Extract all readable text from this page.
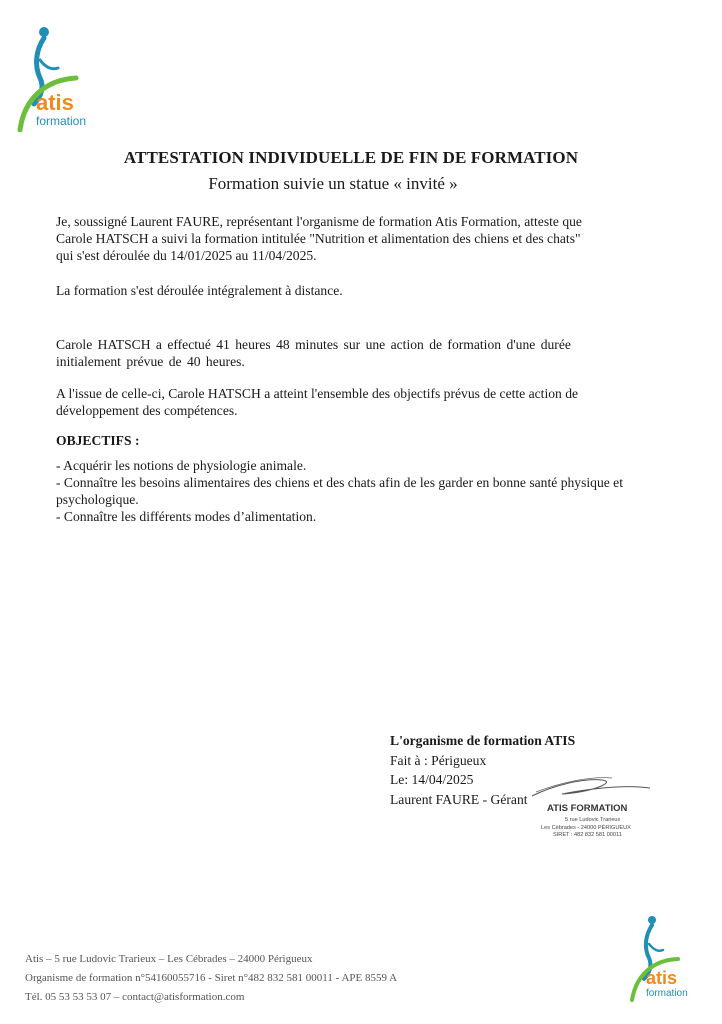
atis
formation
ATTESTATION INDIVIDUELLE DE FIN DE FORMATION
Formation suivie un statue « invité »

Je, soussigné Laurent FAURE, représentant l'organisme de formation Atis Formation, atteste que

Carole HATSCH a suivi la formation intitulée "Nutrition et alimentation des chiens et des chats"

qui s'est déroulée du 14/01/2025 au 11/04/2025.

La formation s'est déroulée intégralement à distance.

Carole HATSCH a effectué 41 heures 48 minutes sur une action de formation d'une durée

initialement prévue de 40 heures.

A l'issue de celle-ci, Carole HATSCH a atteint l'ensemble des objectifs prévus de cette action de

développement des compétences.

OBJECTIFS :
- Acquérir les notions de physiologie animale.
- Connaître les besoins alimentaires des chiens et des chats afin de les garder en bonne santé physique et psychologique.
- Connaître les différents modes d’alimentation.
L'organisme de formation ATIS
Fait à : Périgueux
Le: 14/04/2025
Laurent FAURE - Gérant
ATIS FORMATION
5 rue Ludovic Trarieux
Les Cèbrades - 24000 PÉRIGUEUX
SIRET : 482 832 581 00011
atis
formation
Atis – 5 rue Ludovic Trarieux – Les Cébrades – 24000 Périgueux
Organisme de formation n°54160055716 - Siret n°482 832 581 00011 - APE 8559 A
Tél. 05 53 53 53 07 – contact@atisformation.com
